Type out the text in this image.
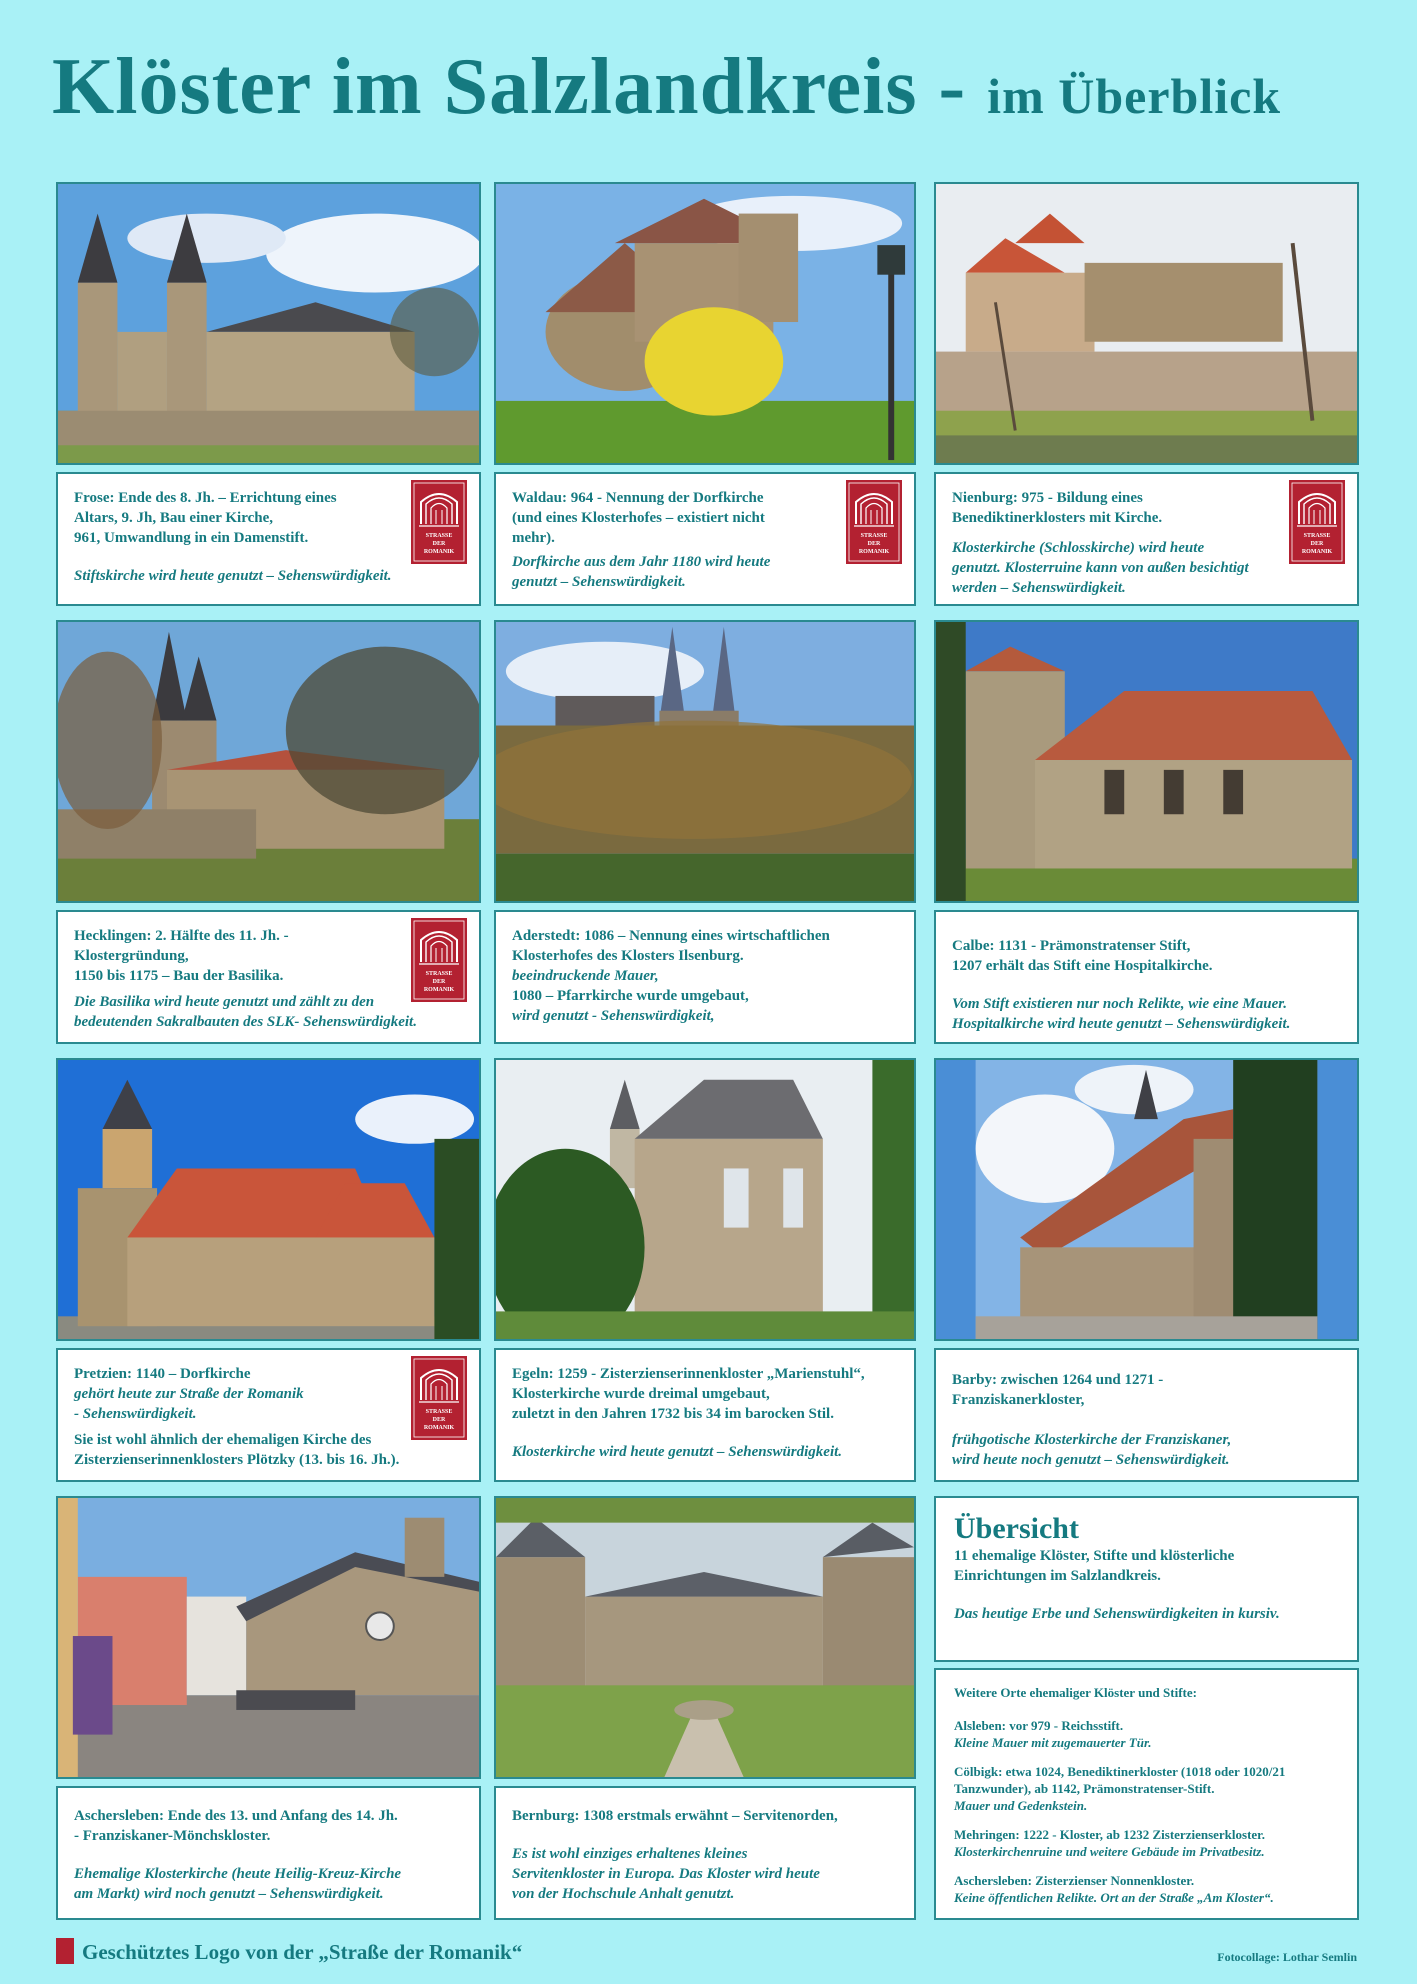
Klöster im Salzlandkreis - im Überblick

Frose: Ende des 8. Jh. – Errichtung eines

Altars, 9. Jh, Bau einer Kirche,

961, Umwandlung in ein Damenstift.

Stiftskirche wird heute genutzt – Sehenswürdigkeit.

Waldau: 964 - Nennung der Dorfkirche

(und eines Klosterhofes – existiert nicht

mehr).

Dorfkirche aus dem Jahr 1180 wird heute

genutzt – Sehenswürdigkeit.

Nienburg: 975 - Bildung eines

Benediktinerklosters mit Kirche.

Klosterkirche (Schlosskirche) wird heute

genutzt. Klosterruine kann von außen besichtigt

werden – Sehenswürdigkeit.

Hecklingen: 2. Hälfte des 11. Jh. -

Klostergründung,

1150 bis 1175 – Bau der Basilika.

Die Basilika wird heute genutzt und zählt zu den

bedeutenden Sakralbauten des SLK- Sehenswürdigkeit.

Aderstedt: 1086 – Nennung eines wirtschaftlichen

Klosterhofes des Klosters Ilsenburg.

beeindruckende Mauer,

1080 – Pfarrkirche wurde umgebaut,

wird genutzt - Sehenswürdigkeit,

Calbe: 1131 - Prämonstratenser Stift,

1207 erhält das Stift eine Hospitalkirche.

Vom Stift existieren nur noch Relikte, wie eine Mauer.

Hospitalkirche wird heute genutzt – Sehenswürdigkeit.

Pretzien: 1140 – Dorfkirche

gehört heute zur Straße der Romanik

- Sehenswürdigkeit.

Sie ist wohl ähnlich der ehemaligen Kirche des

Zisterzienserinnenklosters Plötzky (13. bis 16. Jh.).

Egeln: 1259 - Zisterzienserinnenkloster „Marienstuhl“,

Klosterkirche wurde dreimal umgebaut,

zuletzt in den Jahren 1732 bis 34 im barocken Stil.

Klosterkirche wird heute genutzt – Sehenswürdigkeit.

Barby: zwischen 1264 und 1271 -

Franziskanerkloster,

frühgotische Klosterkirche der Franziskaner,

wird heute noch genutzt – Sehenswürdigkeit.

Aschersleben: Ende des 13. und Anfang des 14. Jh.

- Franziskaner-Mönchskloster.

Ehemalige Klosterkirche (heute Heilig-Kreuz-Kirche

am Markt) wird noch genutzt – Sehenswürdigkeit.

Bernburg: 1308 erstmals erwähnt – Servitenorden,

Es ist wohl einziges erhaltenes kleines

Servitenkloster in Europa. Das Kloster wird heute

von der Hochschule Anhalt genutzt.

Übersicht

11 ehemalige Klöster, Stifte und klösterliche

Einrichtungen im Salzlandkreis.

Das heutige Erbe und Sehenswürdigkeiten in kursiv.

Weitere Orte ehemaliger Klöster und Stifte:

Alsleben: vor 979 - Reichsstift.

Kleine Mauer mit zugemauerter Tür.

Cölbigk: etwa 1024, Benediktinerkloster (1018 oder 1020/21

Tanzwunder), ab 1142, Prämonstratenser-Stift.

Mauer und Gedenkstein.

Mehringen: 1222 - Kloster, ab 1232 Zisterzienserkloster.

Klosterkirchenruine und weitere Gebäude im Privatbesitz.

Aschersleben: Zisterzienser Nonnenkloster.

Keine öffentlichen Relikte. Ort an der Straße „Am Kloster“.

Geschütztes Logo von der „Straße der Romanik“	Fotocollage: Lothar Semlin
